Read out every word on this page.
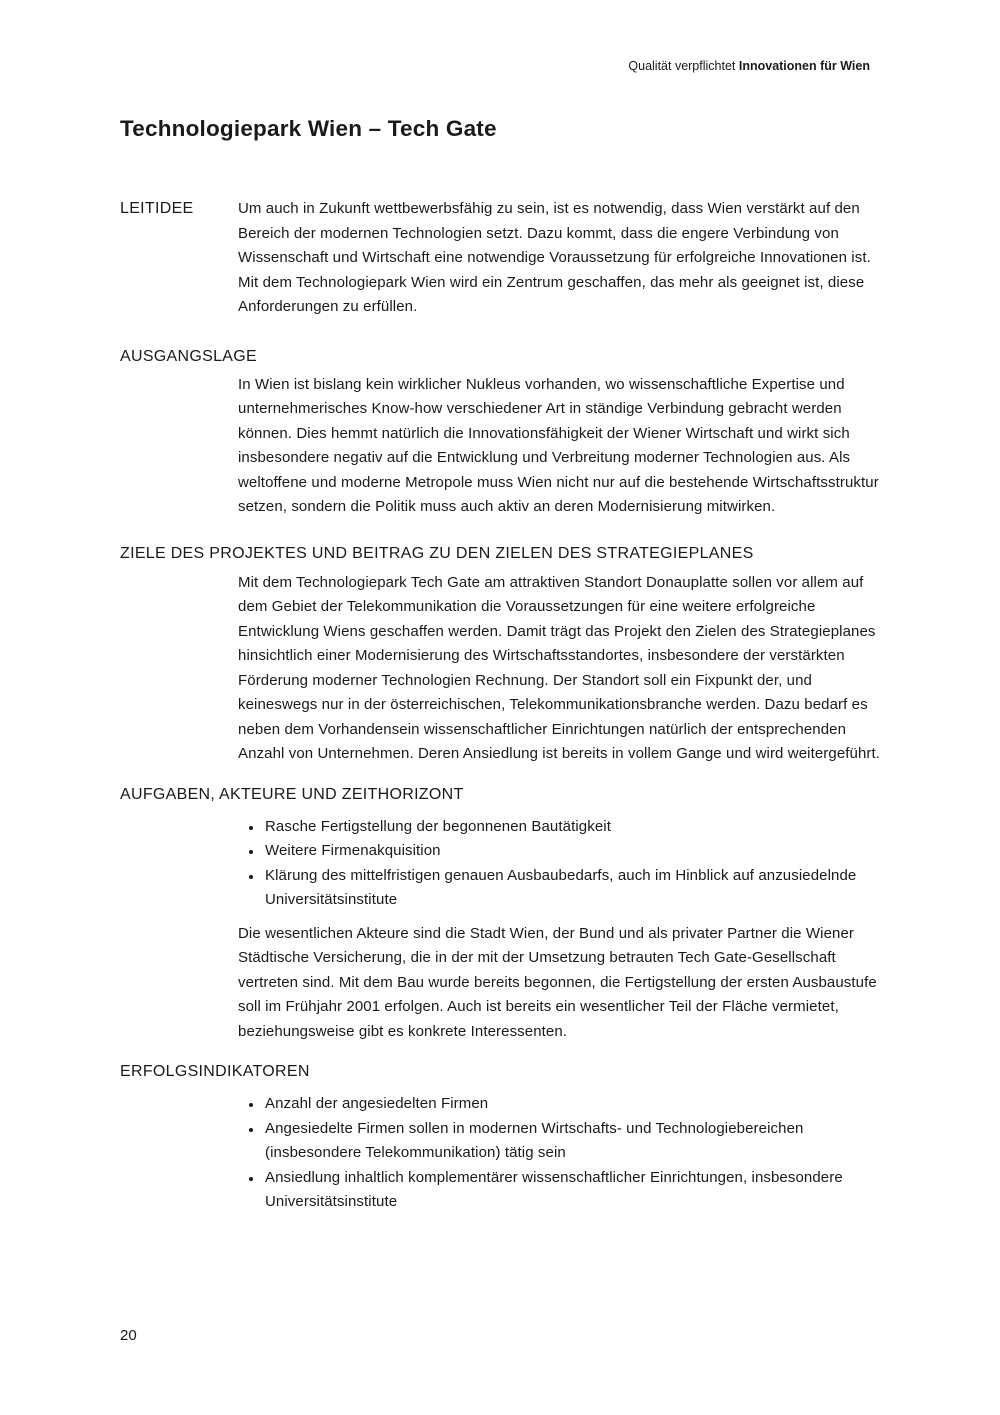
Qualität verpflichtet Innovationen für Wien
Technologiepark Wien – Tech Gate
LEITIDEE	Um auch in Zukunft wettbewerbsfähig zu sein, ist es notwendig, dass Wien verstärkt auf den Bereich der modernen Technologien setzt. Dazu kommt, dass die engere Verbindung von Wissenschaft und Wirtschaft eine notwendige Voraussetzung für erfolgreiche Innovationen ist. Mit dem Technologiepark Wien wird ein Zentrum geschaffen, das mehr als geeignet ist, diese Anforderungen zu erfüllen.

AUSGANGSLAGE

In Wien ist bislang kein wirklicher Nukleus vorhanden, wo wissenschaftliche Expertise und unternehmerisches Know-how verschiedener Art in ständige Verbindung gebracht werden können. Dies hemmt natürlich die Innovationsfähigkeit der Wiener Wirtschaft und wirkt sich insbesondere negativ auf die Entwicklung und Verbreitung moderner Technologien aus. Als weltoffene und moderne Metropole muss Wien nicht nur auf die bestehende Wirtschaftsstruktur setzen, sondern die Politik muss auch aktiv an deren Modernisierung mitwirken.

ZIELE DES PROJEKTES UND BEITRAG ZU DEN ZIELEN DES STRATEGIEPLANES

Mit dem Technologiepark Tech Gate am attraktiven Standort Donauplatte sollen vor allem auf dem Gebiet der Telekommunikation die Voraussetzungen für eine weitere erfolgreiche Entwicklung Wiens geschaffen werden. Damit trägt das Projekt den Zielen des Strategieplanes hinsichtlich einer Modernisierung des Wirtschaftsstandortes, insbesondere der verstärkten Förderung moderner Technologien Rechnung. Der Standort soll ein Fixpunkt der, und keineswegs nur in der österreichischen, Telekommunikationsbranche werden. Dazu bedarf es neben dem Vorhandensein wissenschaftlicher Einrichtungen natürlich der entsprechenden Anzahl von Unternehmen. Deren Ansiedlung ist bereits in vollem Gange und wird weitergeführt.

AUFGABEN, AKTEURE UND ZEITHORIZONT
• Rasche Fertigstellung der begonnenen Bautätigkeit
• Weitere Firmenakquisition
• Klärung des mittelfristigen genauen Ausbaubedarfs, auch im Hinblick auf anzusiedelnde Universitätsinstitute

Die wesentlichen Akteure sind die Stadt Wien, der Bund und als privater Partner die Wiener Städtische Versicherung, die in der mit der Umsetzung betrauten Tech Gate-Gesellschaft vertreten sind. Mit dem Bau wurde bereits begonnen, die Fertigstellung der ersten Ausbaustufe soll im Frühjahr 2001 erfolgen. Auch ist bereits ein wesentlicher Teil der Fläche vermietet, beziehungsweise gibt es konkrete Interessenten.

ERFOLGSINDIKATOREN
• Anzahl der angesiedelten Firmen
• Angesiedelte Firmen sollen in modernen Wirtschafts- und Technologiebereichen (insbesondere Telekommunikation) tätig sein
• Ansiedlung inhaltlich komplementärer wissenschaftlicher Einrichtungen, insbesondere Universitätsinstitute
20
